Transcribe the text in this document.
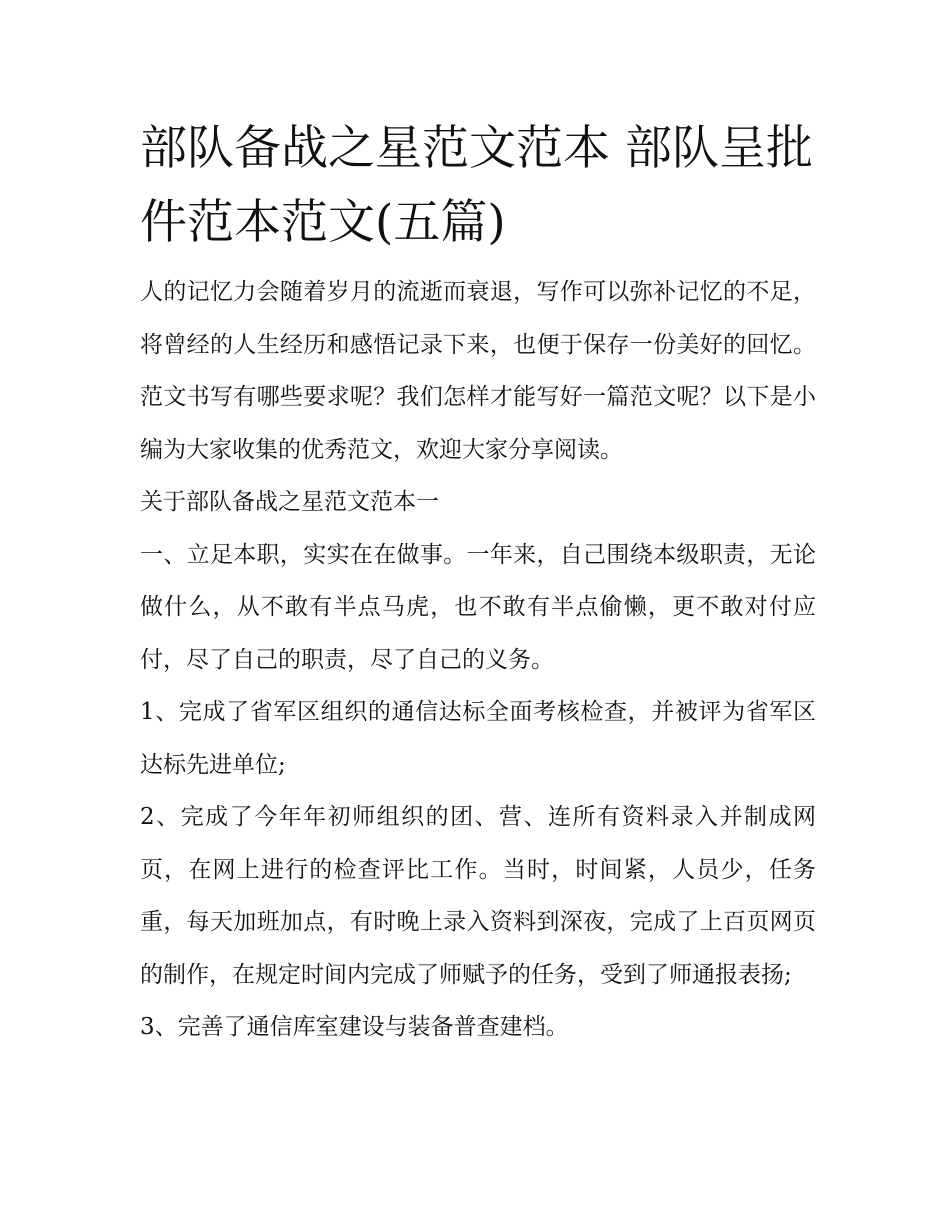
部队备战之星范文范本 部队呈批件范本范文(五篇)

人的记忆力会随着岁月的流逝而衰退，写作可以弥补记忆的不足，将曾经的人生经历和感悟记录下来，也便于保存一份美好的回忆。范文书写有哪些要求呢？我们怎样才能写好一篇范文呢？以下是小编为大家收集的优秀范文，欢迎大家分享阅读。

关于部队备战之星范文范本一

一、立足本职，实实在在做事。一年来，自己围绕本级职责，无论做什么，从不敢有半点马虎，也不敢有半点偷懒，更不敢对付应付，尽了自己的职责，尽了自己的义务。

1、完成了省军区组织的通信达标全面考核检查，并被评为省军区达标先进单位;

2、完成了今年年初师组织的团、营、连所有资料录入并制成网页，在网上进行的检查评比工作。当时，时间紧，人员少，任务重，每天加班加点，有时晚上录入资料到深夜，完成了上百页网页的制作，在规定时间内完成了师赋予的任务，受到了师通报表扬;

3、完善了通信库室建设与装备普查建档。
